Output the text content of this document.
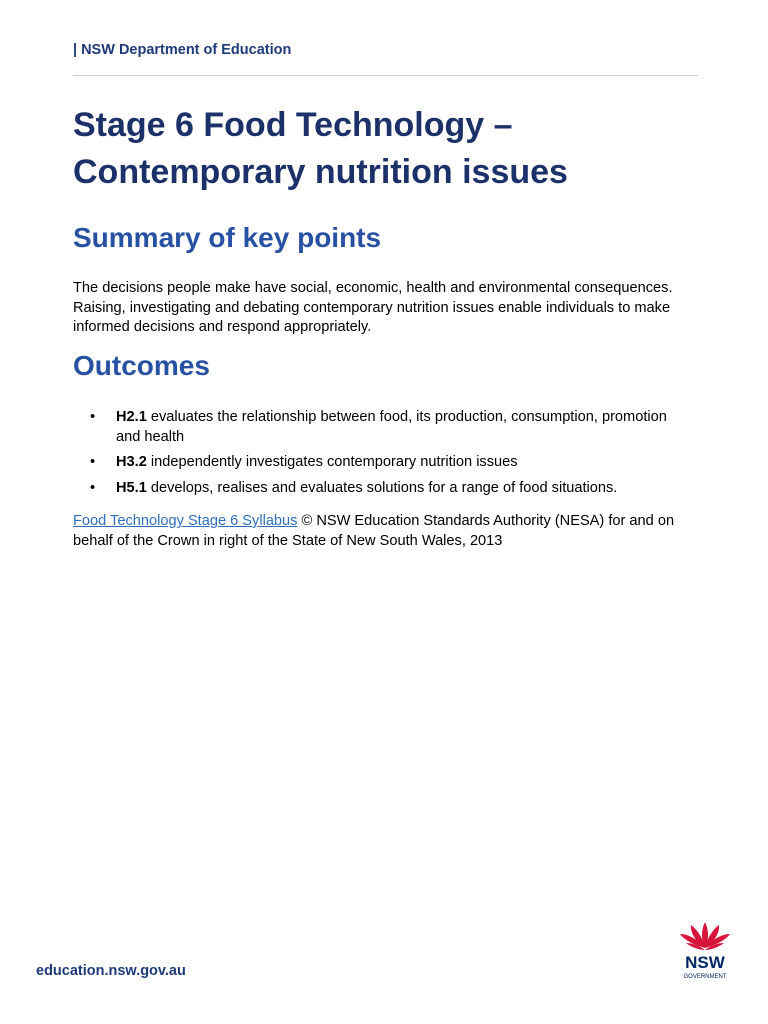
| NSW Department of Education
Stage 6 Food Technology –
Contemporary nutrition issues
Summary of key points

The decisions people make have social, economic, health and environmental consequences. Raising, investigating and debating contemporary nutrition issues enable individuals to make informed decisions and respond appropriately.

Outcomes
• H2.1 evaluates the relationship between food, its production, consumption, promotion and health
• H3.2 independently investigates contemporary nutrition issues
• H5.1 develops, realises and evaluates solutions for a range of food situations.

Food Technology Stage 6 Syllabus © NSW Education Standards Authority (NESA) for and on behalf of the Crown in right of the State of New South Wales, 2013

education.nsw.gov.au	NSW
GOVERNMENT
